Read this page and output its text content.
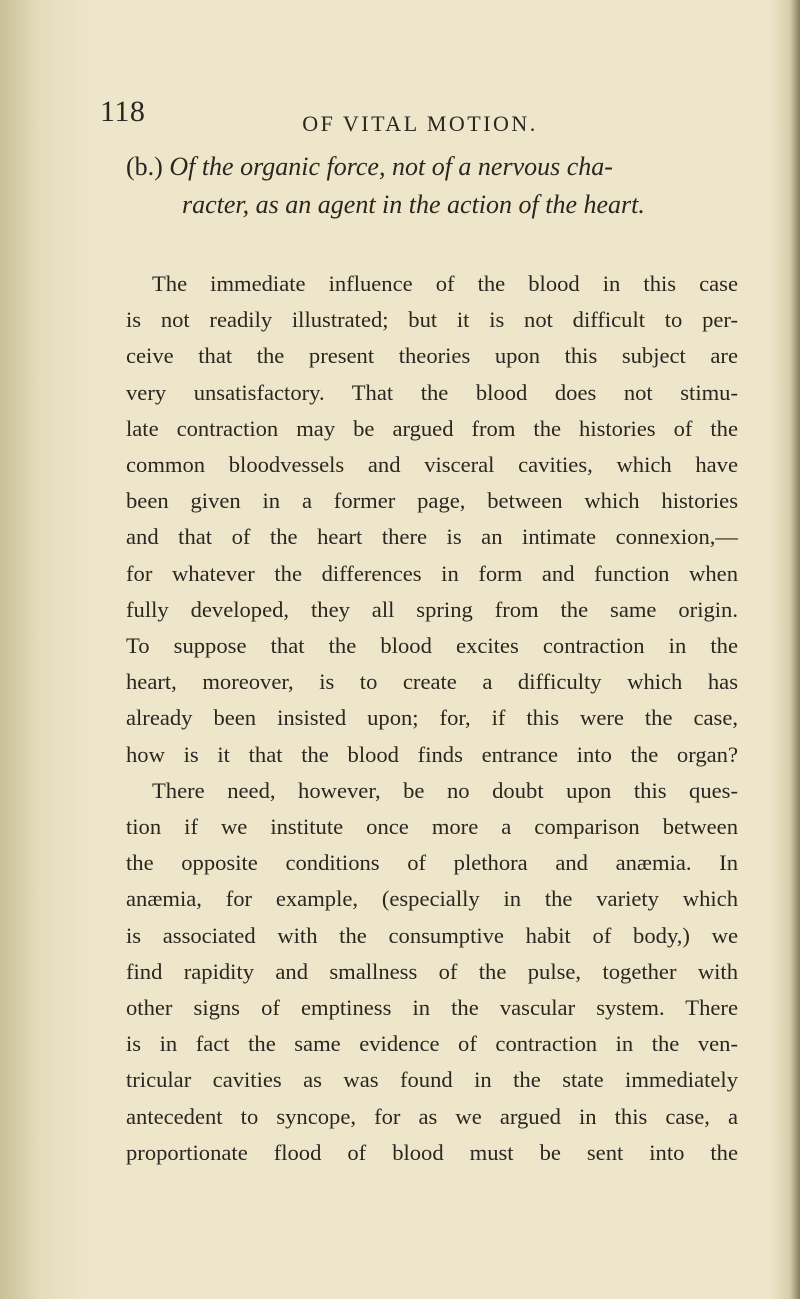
118	OF VITAL MOTION.
(b.) Of the organic force, not of a nervous cha-
racter, as an agent in the action of the heart.
The immediate influence of the blood in this case
is not readily illustrated; but it is not difficult to per-
ceive that the present theories upon this subject are
very unsatisfactory. That the blood does not stimu-
late contraction may be argued from the histories of the
common bloodvessels and visceral cavities, which have
been given in a former page, between which histories
and that of the heart there is an intimate connexion,—
for whatever the differences in form and function when
fully developed, they all spring from the same origin.
To suppose that the blood excites contraction in the
heart, moreover, is to create a difficulty which has
already been insisted upon; for, if this were the case,
how is it that the blood finds entrance into the organ?
There need, however, be no doubt upon this ques-
tion if we institute once more a comparison between
the opposite conditions of plethora and anæmia. In
anæmia, for example, (especially in the variety which
is associated with the consumptive habit of body,) we
find rapidity and smallness of the pulse, together with
other signs of emptiness in the vascular system. There
is in fact the same evidence of contraction in the ven-
tricular cavities as was found in the state immediately
antecedent to syncope, for as we argued in this case, a
proportionate flood of blood must be sent into the
